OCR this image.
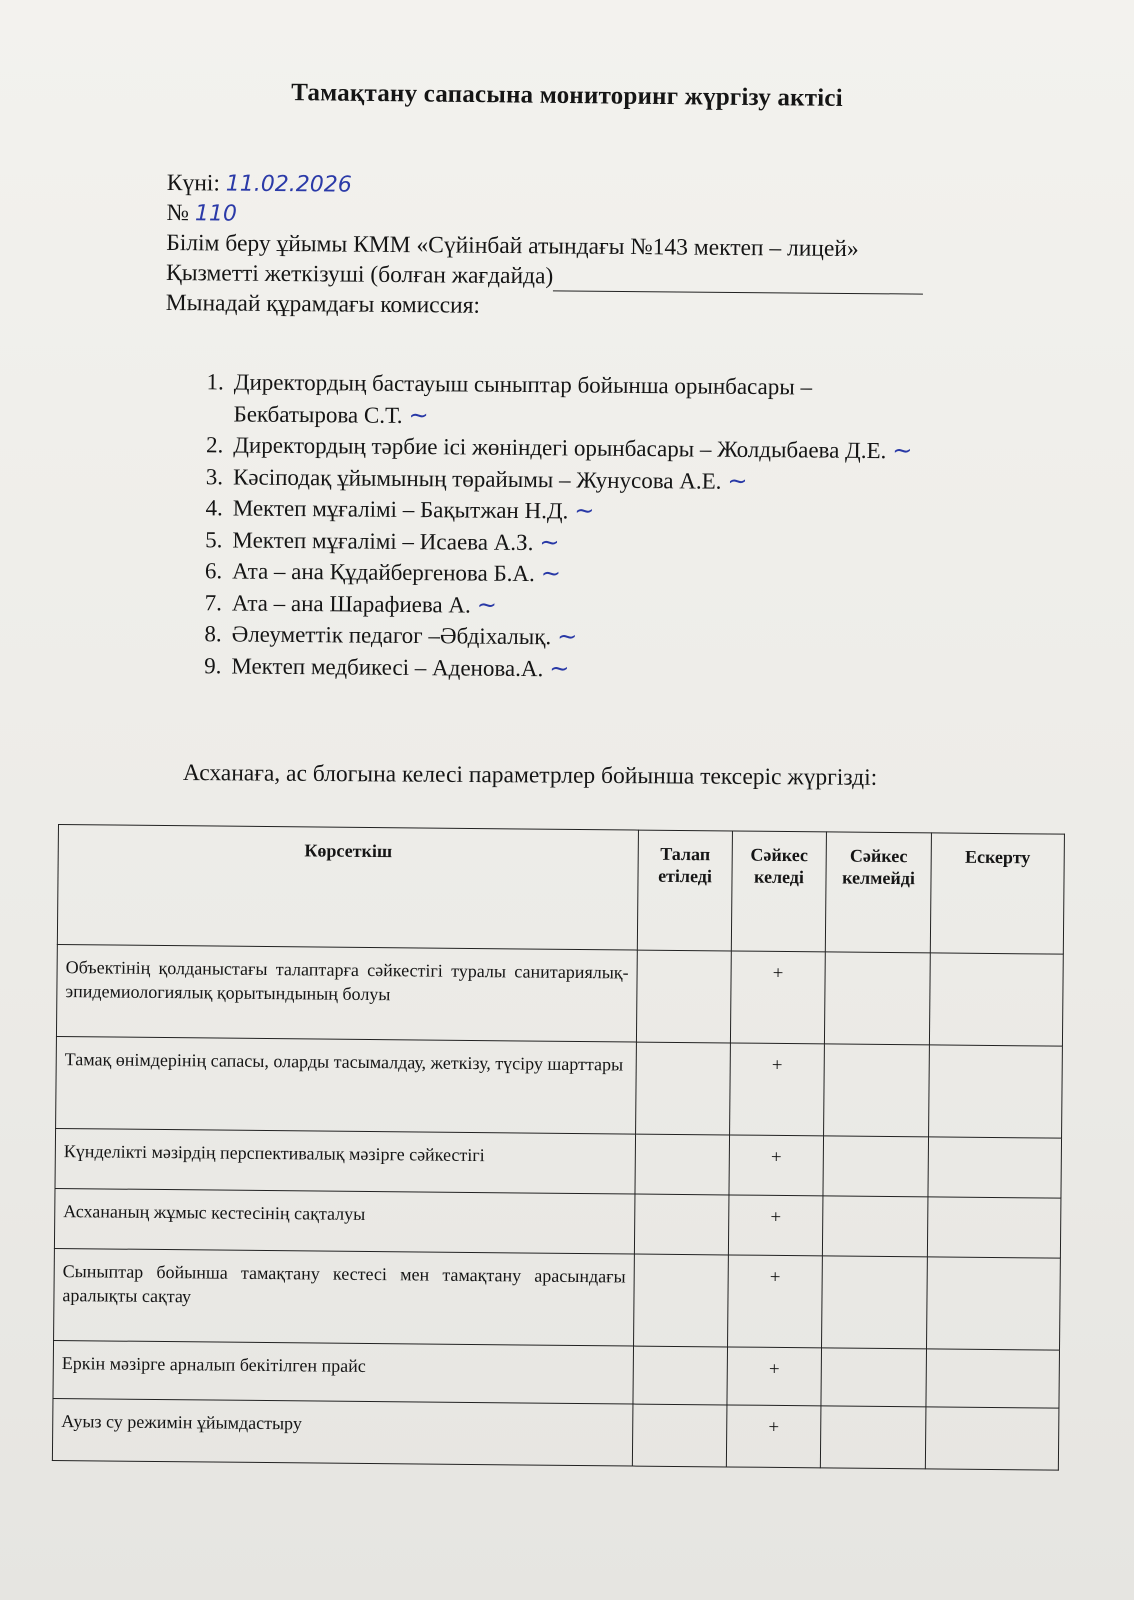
Тамақтану сапасына мониторинг жүргізу актісі
Күні: 11.02.2026
№ 110
Білім беру ұйымы КММ «Сүйінбай атындағы №143 мектеп – лицей»
Қызметті жеткізуші (болған жағдайда)
Мынадай құрамдағы комиссия:
1. Директордың бастауыш сыныптар бойынша орынбасары –
Бекбатырова С.Т. ~
2. Директордың тәрбие ісі жөніндегі орынбасары – Жолдыбаева Д.Е. ~
3. Кәсіподақ ұйымының төрайымы – Жунусова А.Е. ~
4. Мектеп мұғалімі – Бақытжан Н.Д. ~
5. Мектеп мұғалімі – Исаева А.З. ~
6. Ата – ана Құдайбергенова Б.А. ~
7. Ата – ана Шарафиева А. ~
8. Әлеуметтік педагог –Әбдіхалық. ~
9. Мектеп медбикесі – Аденова.А. ~
Асханаға, ас блогына келесі параметрлер бойынша тексеріс жүргізді:
Көрсеткіш	Талап етіледі	Сәйкес келеді	Сәйкес келмейді	Ескерту
Объектінің қолданыстағы талаптарға сәйкестігі туралы санитариялық-эпидемиологиялық қорытындының болуы		+		
Тамақ өнімдерінің сапасы, оларды тасымалдау, жеткізу, түсіру шарттары		+		
Күнделікті мәзірдің перспективалық мәзірге сәйкестігі		+		
Асхананың жұмыс кестесінің сақталуы		+		
Сыныптар бойынша тамақтану кестесі мен тамақтану арасындағы аралықты сақтау		+		
Еркін мәзірге арналып бекітілген прайс		+		
Ауыз су режимін ұйымдастыру		+		
